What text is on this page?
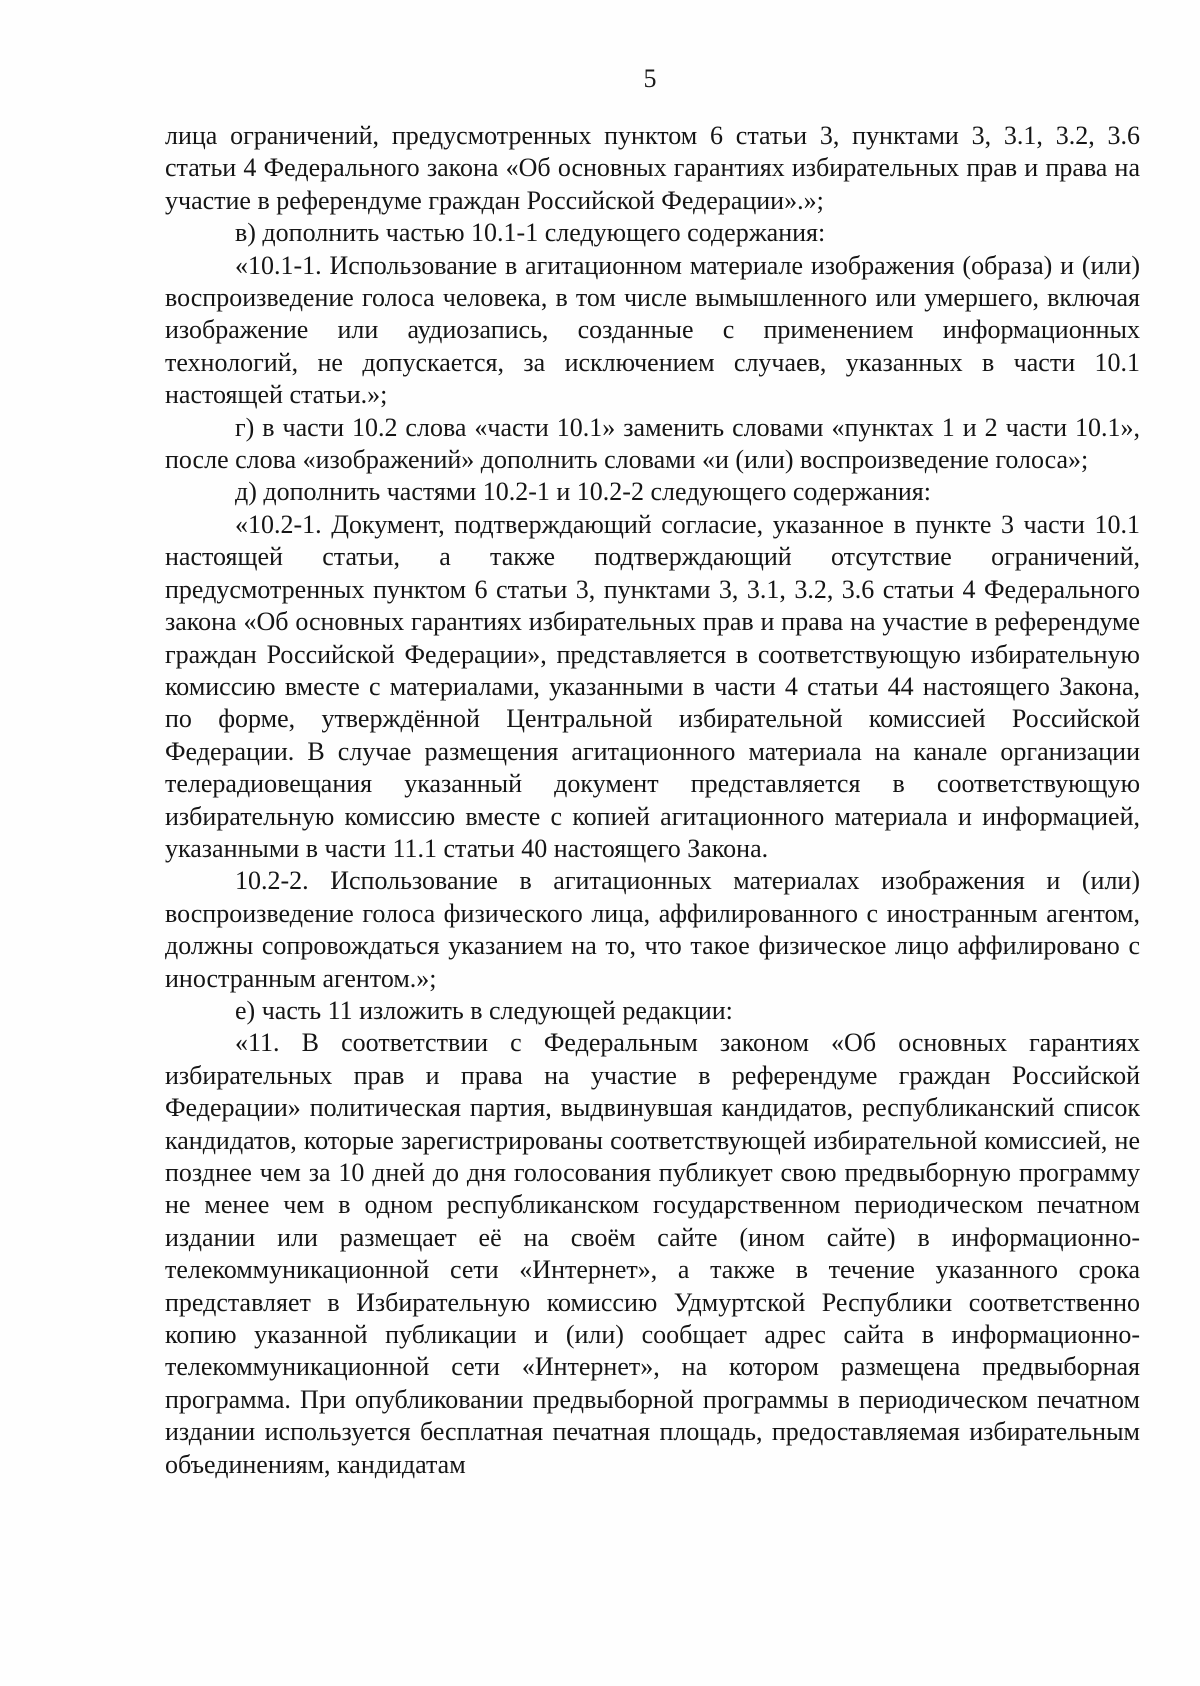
5

лица ограничений, предусмотренных пунктом 6 статьи 3, пунктами 3, 3.1, 3.2, 3.6 статьи 4 Федерального закона «Об основных гарантиях избирательных прав и права на участие в референдуме граждан Российской Федерации».»;

в) дополнить частью 10.1-1 следующего содержания:

«10.1-1. Использование в агитационном материале изображения (образа) и (или) воспроизведение голоса человека, в том числе вымышленного или умершего, включая изображение или аудиозапись, созданные с применением информационных технологий, не допускается, за исключением случаев, указанных в части 10.1 настоящей статьи.»;

г) в части 10.2 слова «части 10.1» заменить словами «пунктах 1 и 2 части 10.1», после слова «изображений» дополнить словами «и (или) воспроизведение голоса»;

д) дополнить частями 10.2-1 и 10.2-2 следующего содержания:

«10.2-1. Документ, подтверждающий согласие, указанное в пункте 3 части 10.1 настоящей статьи, а также подтверждающий отсутствие ограничений, предусмотренных пунктом 6 статьи 3, пунктами 3, 3.1, 3.2, 3.6 статьи 4 Федерального закона «Об основных гарантиях избирательных прав и права на участие в референдуме граждан Российской Федерации», представляется в соответствующую избирательную комиссию вместе с материалами, указанными в части 4 статьи 44 настоящего Закона, по форме, утверждённой Центральной избирательной комиссией Российской Федерации. В случае размещения агитационного материала на канале организации телерадиовещания указанный документ представляется в соответствующую избирательную комиссию вместе с копией агитационного материала и информацией, указанными в части 11.1 статьи 40 настоящего Закона.

10.2-2. Использование в агитационных материалах изображения и (или) воспроизведение голоса физического лица, аффилированного с иностранным агентом, должны сопровождаться указанием на то, что такое физическое лицо аффилировано с иностранным агентом.»;

е) часть 11 изложить в следующей редакции:

«11. В соответствии с Федеральным законом «Об основных гарантиях избирательных прав и права на участие в референдуме граждан Российской Федерации» политическая партия, выдвинувшая кандидатов, республиканский список кандидатов, которые зарегистрированы соответствующей избирательной комиссией, не позднее чем за 10 дней до дня голосования публикует свою предвыборную программу не менее чем в одном республиканском государственном периодическом печатном издании или размещает её на своём сайте (ином сайте) в информационно-телекоммуникационной сети «Интернет», а также в течение указанного срока представляет в Избирательную комиссию Удмуртской Республики соответственно копию указанной публикации и (или) сообщает адрес сайта в информационно-телекоммуникационной сети «Интернет», на котором размещена предвыборная программа. При опубликовании предвыборной программы в периодическом печатном издании используется бесплатная печатная площадь, предоставляемая избирательным объединениям, кандидатам
